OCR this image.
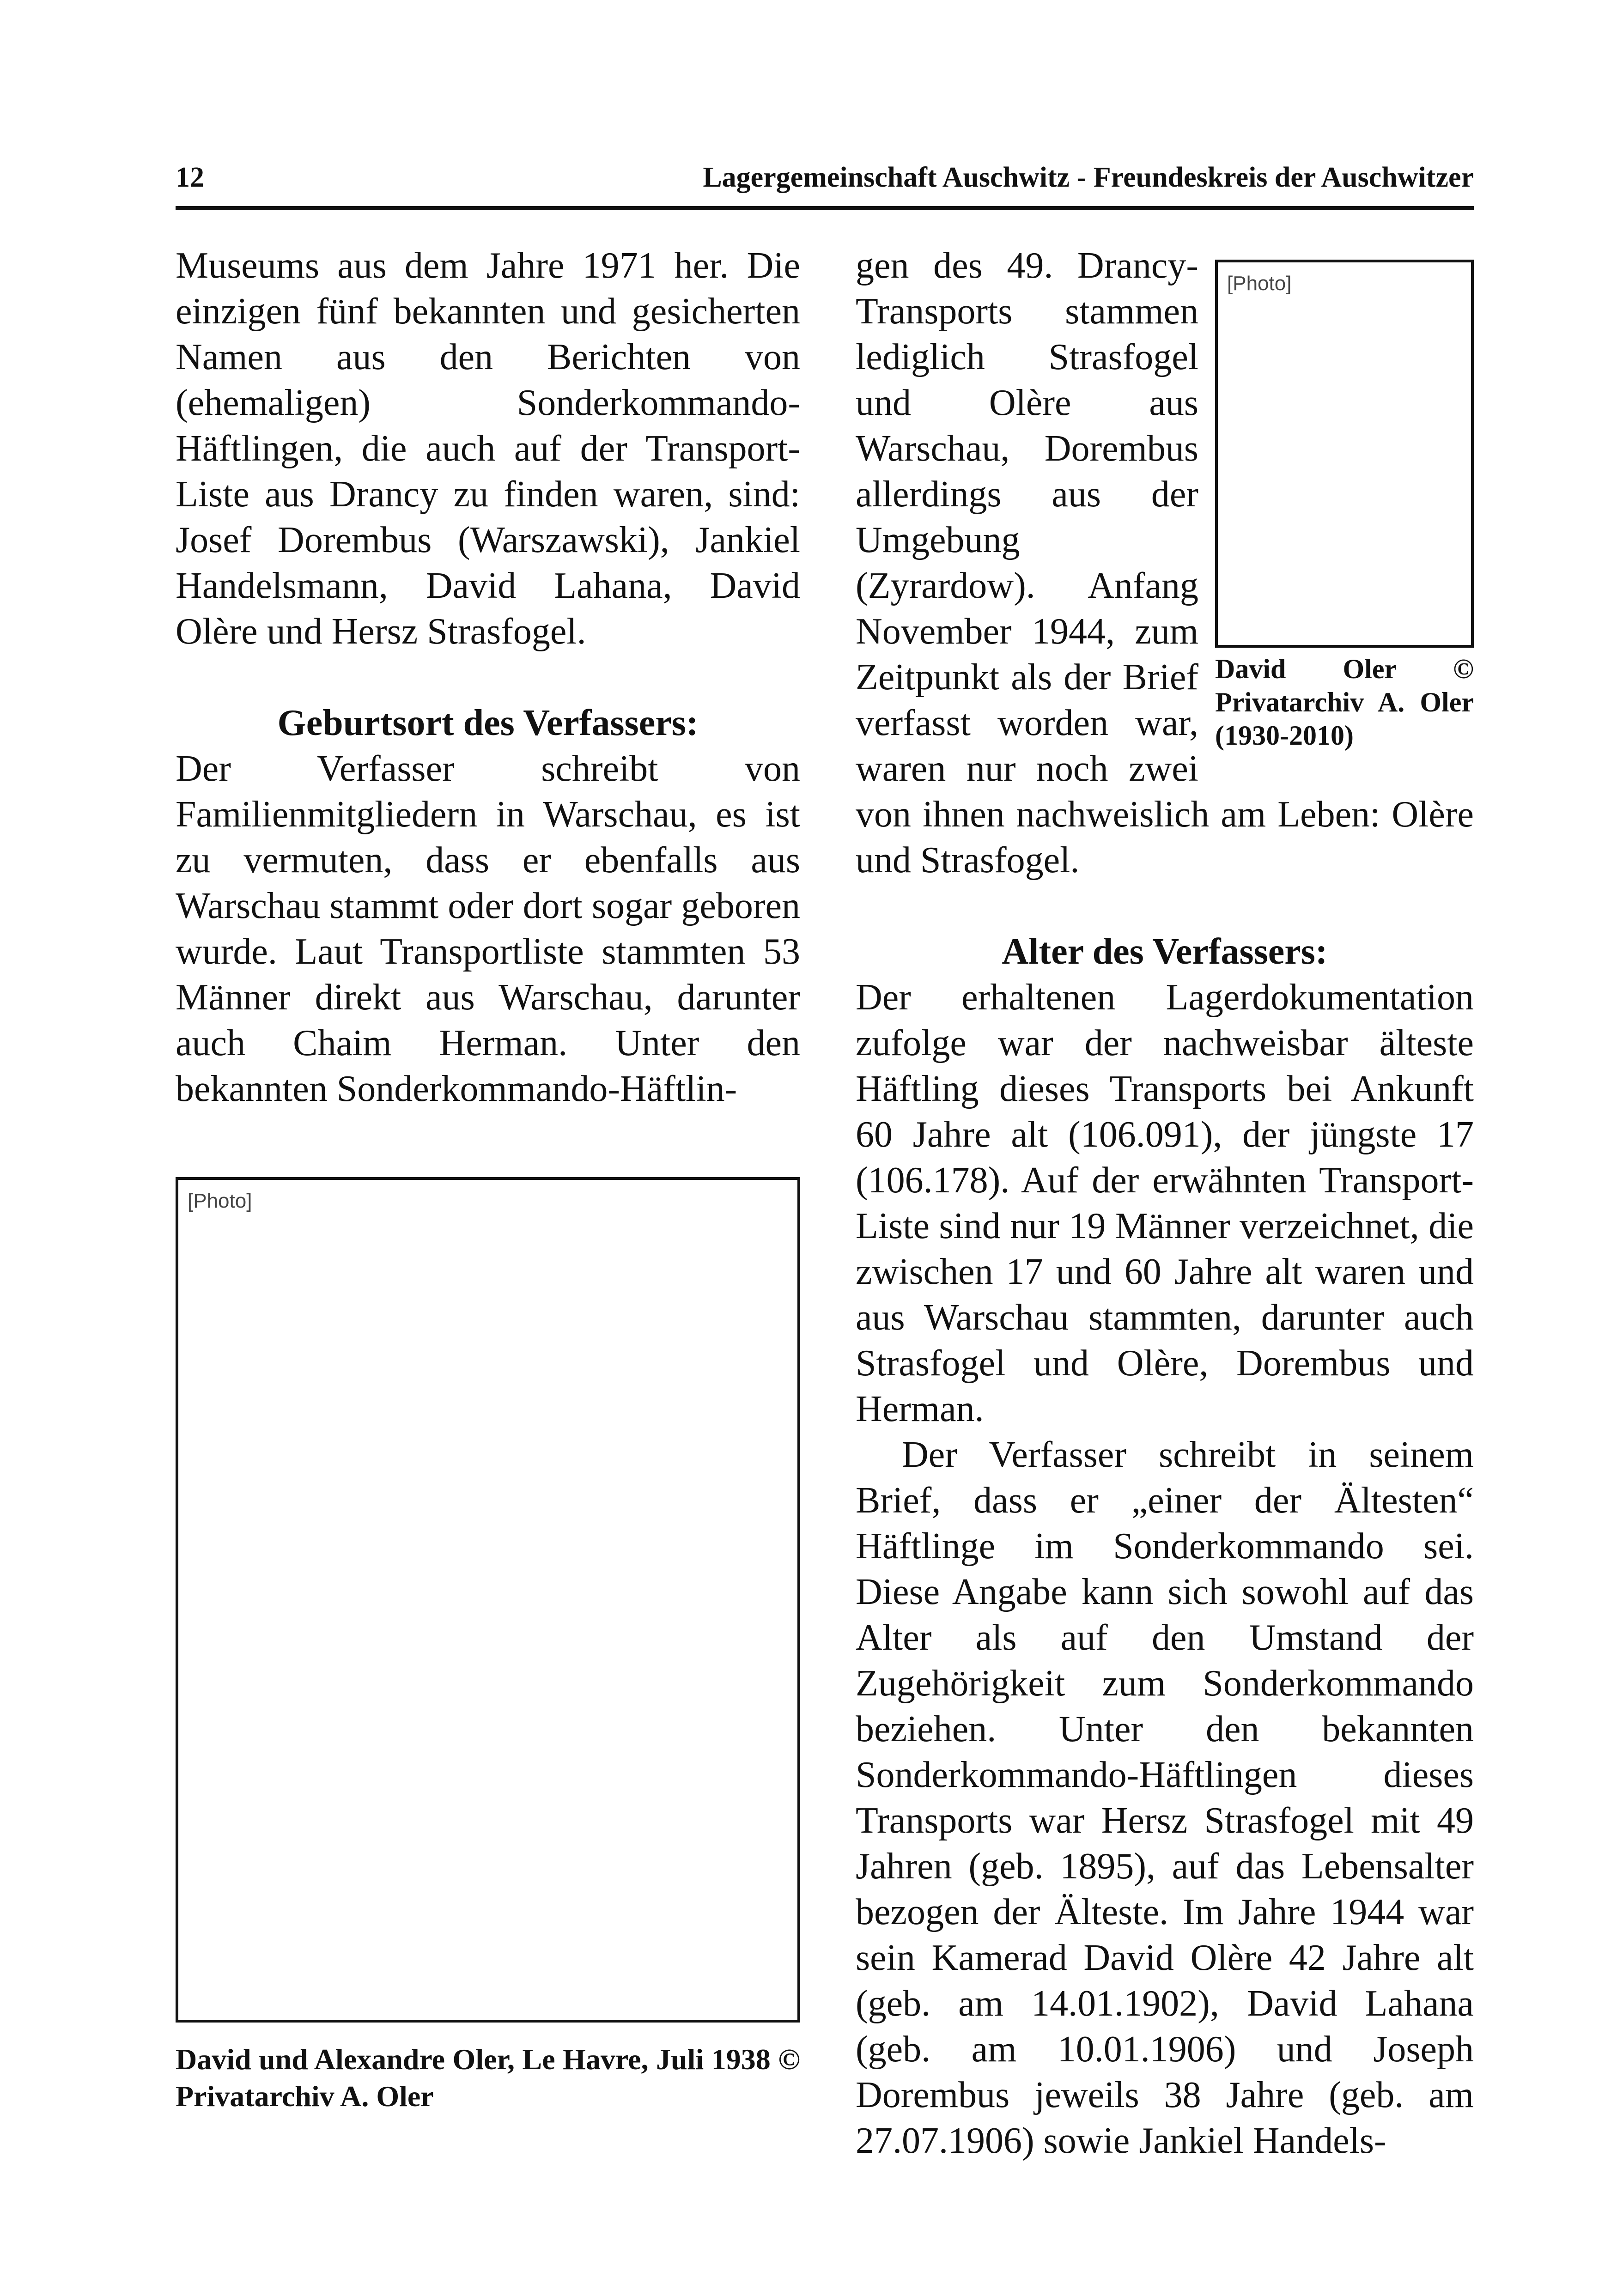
12	Lagergemeinschaft Auschwitz - Freundeskreis der Auschwitzer

Museums aus dem Jahre 1971 her. Die einzigen fünf bekannten und gesicherten Namen aus den Berichten von (ehemaligen) Sonderkommando-Häftlingen, die auch auf der Transport-Liste aus Drancy zu finden waren, sind: Josef Dorembus (Warszawski), Jankiel Handelsmann, David Lahana, David Olère und Hersz Strasfogel.

Geburtsort des Verfassers:

Der Verfasser schreibt von Familienmitgliedern in Warschau, es ist zu vermuten, dass er ebenfalls aus Warschau stammt oder dort sogar geboren wurde. Laut Transportliste stammten 53 Männer direkt aus Warschau, darunter auch Chaim Herman. Unter den bekannten Sonderkommando-Häftlin-

[Photo]
David und Alexandre Oler, Le Havre, Juli 1938 © Privatarchiv A. Oler
[Photo]
David Oler © Privatarchiv A. Oler (1930-2010)

gen des 49. Drancy-Transports stammen lediglich Strasfogel und Olère aus Warschau, Dorembus allerdings aus der Umgebung (Zyrardow). Anfang November 1944, zum Zeitpunkt als der Brief verfasst worden war, waren nur noch zwei von ihnen nachweislich am Leben: Olère und Strasfogel.

Alter des Verfassers:

Der erhaltenen Lagerdokumentation zufolge war der nachweisbar älteste Häftling dieses Transports bei Ankunft 60 Jahre alt (106.091), der jüngste 17 (106.178). Auf der erwähnten Transport-Liste sind nur 19 Männer verzeichnet, die zwischen 17 und 60 Jahre alt waren und aus Warschau stammten, darunter auch Strasfogel und Olère, Dorembus und Herman.

Der Verfasser schreibt in seinem Brief, dass er „einer der Ältesten“ Häftlinge im Sonderkommando sei. Diese Angabe kann sich sowohl auf das Alter als auf den Umstand der Zugehörigkeit zum Sonderkommando beziehen. Unter den bekannten Sonderkommando-Häftlingen dieses Transports war Hersz Strasfogel mit 49 Jahren (geb. 1895), auf das Lebensalter bezogen der Älteste. Im Jahre 1944 war sein Kamerad David Olère 42 Jahre alt (geb. am 14.01.1902), David Lahana (geb. am 10.01.1906) und Joseph Dorembus jeweils 38 Jahre (geb. am 27.07.1906) sowie Jankiel Handels-
